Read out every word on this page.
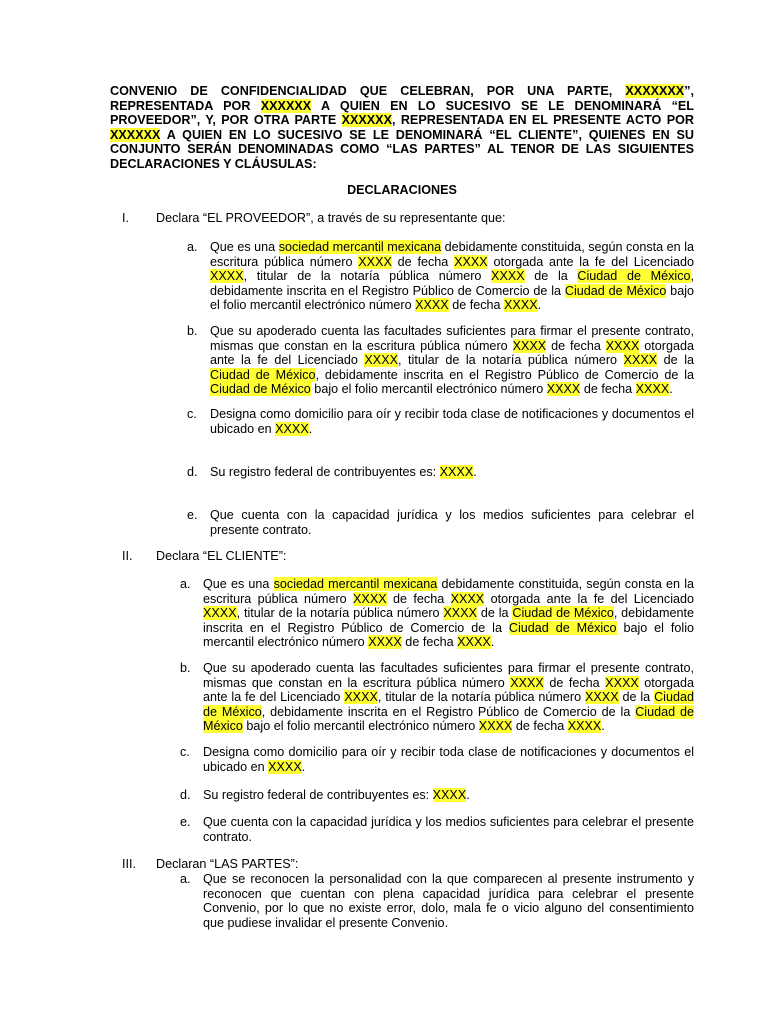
CONVENIO DE CONFIDENCIALIDAD QUE CELEBRAN, POR UNA PARTE, XXXXXXX”, REPRESENTADA POR XXXXXX A QUIEN EN LO SUCESIVO SE LE DENOMINARÁ “EL PROVEEDOR”, Y, POR OTRA PARTE XXXXXX, REPRESENTADA EN EL PRESENTE ACTO POR XXXXXX A QUIEN EN LO SUCESIVO SE LE DENOMINARÁ “EL CLIENTE”, QUIENES EN SU CONJUNTO SERÁN DENOMINADAS COMO “LAS PARTES” AL TENOR DE LAS SIGUIENTES DECLARACIONES Y CLÁUSULAS:

DECLARACIONES

I. Declara “EL PROVEEDOR”, a través de su representante que:
a. Que es una sociedad mercantil mexicana debidamente constituida, según consta en la escritura pública número XXXX de fecha XXXX otorgada ante la fe del Licenciado XXXX, titular de la notaría pública número XXXX de la Ciudad de México, debidamente inscrita en el Registro Público de Comercio de la Ciudad de México bajo el folio mercantil electrónico número XXXX de fecha XXXX.

b. Que su apoderado cuenta las facultades suficientes para firmar el presente contrato, mismas que constan en la escritura pública número XXXX de fecha XXXX otorgada ante la fe del Licenciado XXXX, titular de la notaría pública número XXXX de la Ciudad de México, debidamente inscrita en el Registro Público de Comercio de la Ciudad de México bajo el folio mercantil electrónico número XXXX de fecha XXXX.

c. Designa como domicilio para oír y recibir toda clase de notificaciones y documentos el ubicado en XXXX.

d. Su registro federal de contribuyentes es: XXXX.

e. Que cuenta con la capacidad jurídica y los medios suficientes para celebrar el presente contrato.

II. Declara “EL CLIENTE”:
a. Que es una sociedad mercantil mexicana debidamente constituida, según consta en la escritura pública número XXXX de fecha XXXX otorgada ante la fe del Licenciado XXXX, titular de la notaría pública número XXXX de la Ciudad de México, debidamente inscrita en el Registro Público de Comercio de la Ciudad de México bajo el folio mercantil electrónico número XXXX de fecha XXXX.

b. Que su apoderado cuenta las facultades suficientes para firmar el presente contrato, mismas que constan en la escritura pública número XXXX de fecha XXXX otorgada ante la fe del Licenciado XXXX, titular de la notaría pública número XXXX de la Ciudad de México, debidamente inscrita en el Registro Público de Comercio de la Ciudad de México bajo el folio mercantil electrónico número XXXX de fecha XXXX.

c. Designa como domicilio para oír y recibir toda clase de notificaciones y documentos el ubicado en XXXX.

d. Su registro federal de contribuyentes es: XXXX.

e. Que cuenta con la capacidad jurídica y los medios suficientes para celebrar el presente contrato.

III. Declaran “LAS PARTES”:
a. Que se reconocen la personalidad con la que comparecen al presente instrumento y reconocen que cuentan con plena capacidad jurídica para celebrar el presente Convenio, por lo que no existe error, dolo, mala fe o vicio alguno del consentimiento que pudiese invalidar el presente Convenio.
